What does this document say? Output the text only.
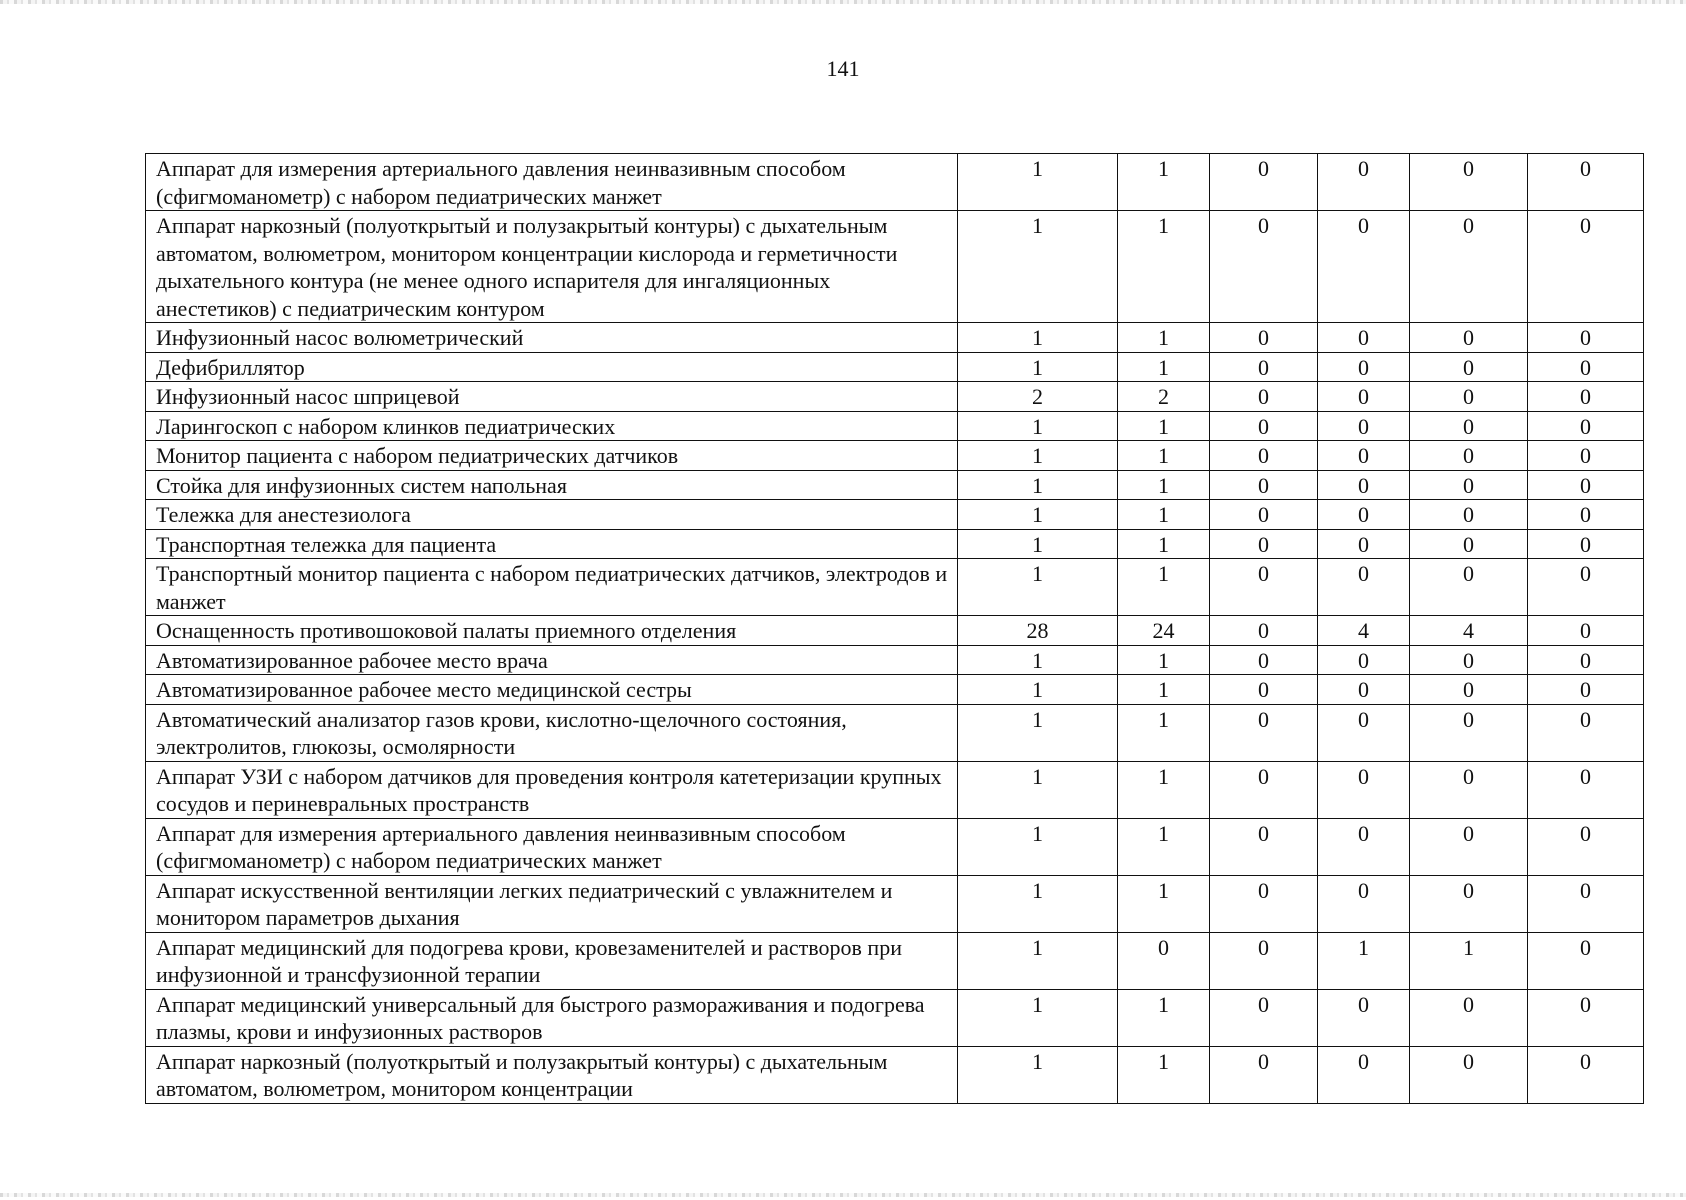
141
Аппарат для измерения артериального давления неинвазивным способом (сфигмоманометр) с набором педиатрических манжет	1	1	0	0	0	0
Аппарат наркозный (полуоткрытый и полузакрытый контуры) с дыхательным автоматом, волюметром, монитором концентрации кислорода и герметичности дыхательного контура (не менее одного испарителя для ингаляционных анестетиков) с педиатрическим контуром	1	1	0	0	0	0
Инфузионный насос волюметрический	1	1	0	0	0	0
Дефибриллятор	1	1	0	0	0	0
Инфузионный насос шприцевой	2	2	0	0	0	0
Ларингоскоп с набором клинков педиатрических	1	1	0	0	0	0
Монитор пациента с набором педиатрических датчиков	1	1	0	0	0	0
Стойка для инфузионных систем напольная	1	1	0	0	0	0
Тележка для анестезиолога	1	1	0	0	0	0
Транспортная тележка для пациента	1	1	0	0	0	0
Транспортный монитор пациента с набором педиатрических датчиков, электродов и манжет	1	1	0	0	0	0
Оснащенность противошоковой палаты приемного отделения	28	24	0	4	4	0
Автоматизированное рабочее место врача	1	1	0	0	0	0
Автоматизированное рабочее место медицинской сестры	1	1	0	0	0	0
Автоматический анализатор газов крови, кислотно-щелочного состояния, электролитов, глюкозы, осмолярности	1	1	0	0	0	0
Аппарат УЗИ с набором датчиков для проведения контроля катетеризации крупных сосудов и периневральных пространств	1	1	0	0	0	0
Аппарат для измерения артериального давления неинвазивным способом (сфигмоманометр) с набором педиатрических манжет	1	1	0	0	0	0
Аппарат искусственной вентиляции легких педиатрический с увлажнителем и монитором параметров дыхания	1	1	0	0	0	0
Аппарат медицинский для подогрева крови, кровезаменителей и растворов при инфузионной и трансфузионной терапии	1	0	0	1	1	0
Аппарат медицинский универсальный для быстрого размораживания и подогрева плазмы, крови и инфузионных растворов	1	1	0	0	0	0
Аппарат наркозный (полуоткрытый и полузакрытый контуры) с дыхательным автоматом, волюметром, монитором концентрации	1	1	0	0	0	0
